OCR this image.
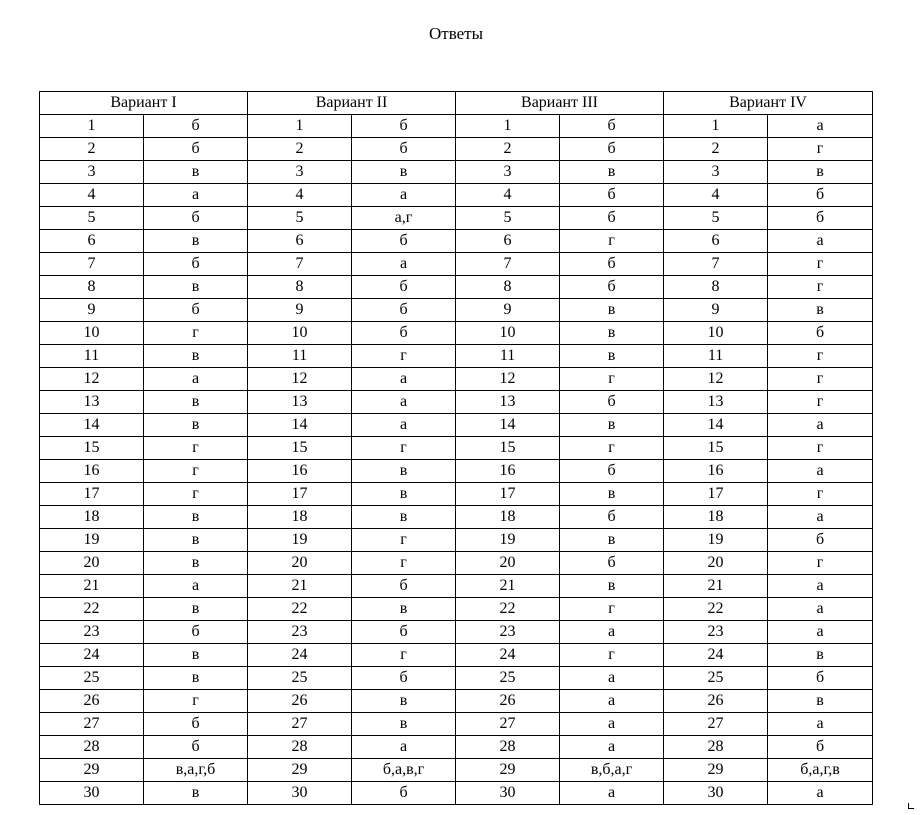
Ответы
Вариант I		Вариант II		Вариант III		Вариант IV	
1	б	1	б	1	б	1	а
2	б	2	б	2	б	2	г
3	в	3	в	3	в	3	в
4	а	4	а	4	б	4	б
5	б	5	а,г	5	б	5	б
6	в	6	б	6	г	6	а
7	б	7	а	7	б	7	г
8	в	8	б	8	б	8	г
9	б	9	б	9	в	9	в
10	г	10	б	10	в	10	б
11	в	11	г	11	в	11	г
12	а	12	а	12	г	12	г
13	в	13	а	13	б	13	г
14	в	14	а	14	в	14	а
15	г	15	г	15	г	15	г
16	г	16	в	16	б	16	а
17	г	17	в	17	в	17	г
18	в	18	в	18	б	18	а
19	в	19	г	19	в	19	б
20	в	20	г	20	б	20	г
21	а	21	б	21	в	21	а
22	в	22	в	22	г	22	а
23	б	23	б	23	а	23	а
24	в	24	г	24	г	24	в
25	в	25	б	25	а	25	б
26	г	26	в	26	а	26	в
27	б	27	в	27	а	27	а
28	б	28	а	28	а	28	б
29	в,а,г,б	29	б,а,в,г	29	в,б,а,г	29	б,а,г,в
30	в	30	б	30	а	30	а
